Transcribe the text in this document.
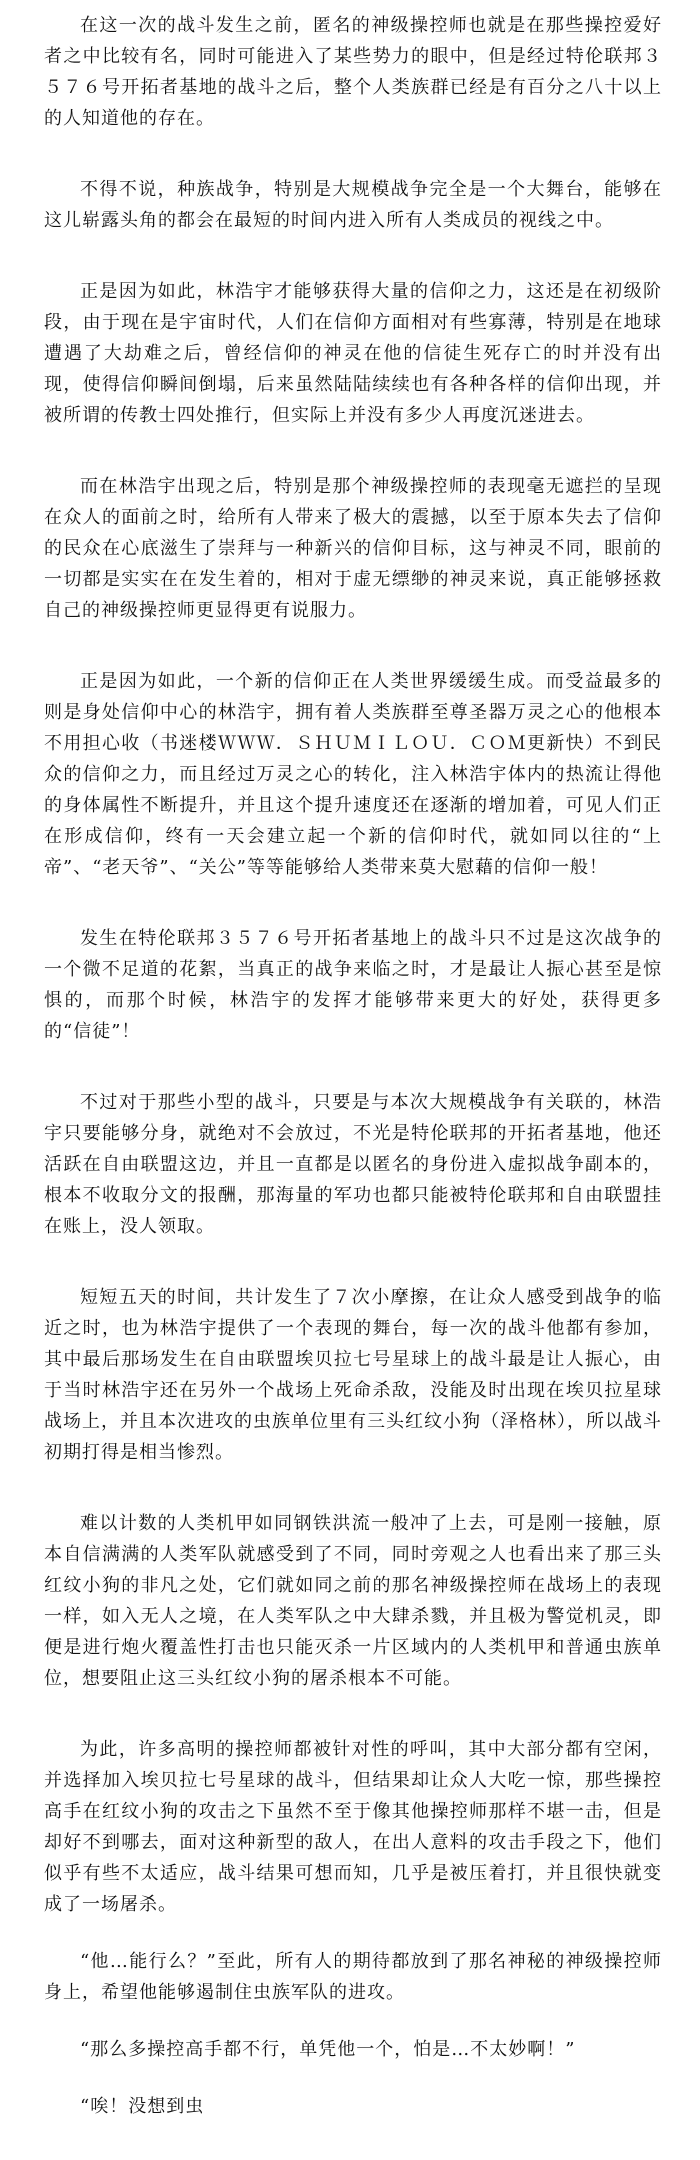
在这一次的战斗发生之前，匿名的神级操控师也就是在那些操控爱好者之中比较有名，同时可能进入了某些势力的眼中，但是经过特伦联邦３５７６号开拓者基地的战斗之后，整个人类族群已经是有百分之八十以上的人知道他的存在。

不得不说，种族战争，特别是大规模战争完全是一个大舞台，能够在这儿崭露头角的都会在最短的时间内进入所有人类成员的视线之中。

正是因为如此，林浩宇才能够获得大量的信仰之力，这还是在初级阶段，由于现在是宇宙时代，人们在信仰方面相对有些寡薄，特别是在地球遭遇了大劫难之后，曾经信仰的神灵在他的信徒生死存亡的时并没有出现，使得信仰瞬间倒塌，后来虽然陆陆续续也有各种各样的信仰出现，并被所谓的传教士四处推行，但实际上并没有多少人再度沉迷进去。

而在林浩宇出现之后，特别是那个神级操控师的表现毫无遮拦的呈现在众人的面前之时，给所有人带来了极大的震撼，以至于原本失去了信仰的民众在心底滋生了崇拜与一种新兴的信仰目标，这与神灵不同，眼前的一切都是实实在在发生着的，相对于虚无缥缈的神灵来说，真正能够拯救自己的神级操控师更显得更有说服力。

正是因为如此，一个新的信仰正在人类世界缓缓生成。而受益最多的则是身处信仰中心的林浩宇，拥有着人类族群至尊圣器万灵之心的他根本不用担心收（书迷楼ＷＷＷ．ＳＨＵＭＩＬＯＵ．ＣＯＭ更新快）不到民众的信仰之力，而且经过万灵之心的转化，注入林浩宇体内的热流让得他的身体属性不断提升，并且这个提升速度还在逐渐的增加着，可见人们正在形成信仰，终有一天会建立起一个新的信仰时代，就如同以往的“上帝”、“老天爷”、“关公”等等能够给人类带来莫大慰藉的信仰一般！

发生在特伦联邦３５７６号开拓者基地上的战斗只不过是这次战争的一个微不足道的花絮，当真正的战争来临之时，才是最让人振心甚至是惊惧的，而那个时候，林浩宇的发挥才能够带来更大的好处，获得更多的“信徒”！

不过对于那些小型的战斗，只要是与本次大规模战争有关联的，林浩宇只要能够分身，就绝对不会放过，不光是特伦联邦的开拓者基地，他还活跃在自由联盟这边，并且一直都是以匿名的身份进入虚拟战争副本的，根本不收取分文的报酬，那海量的军功也都只能被特伦联邦和自由联盟挂在账上，没人领取。

短短五天的时间，共计发生了７次小摩擦，在让众人感受到战争的临近之时，也为林浩宇提供了一个表现的舞台，每一次的战斗他都有参加，其中最后那场发生在自由联盟埃贝拉七号星球上的战斗最是让人振心，由于当时林浩宇还在另外一个战场上死命杀敌，没能及时出现在埃贝拉星球战场上，并且本次进攻的虫族单位里有三头红纹小狗（泽格林），所以战斗初期打得是相当惨烈。

难以计数的人类机甲如同钢铁洪流一般冲了上去，可是刚一接触，原本自信满满的人类军队就感受到了不同，同时旁观之人也看出来了那三头红纹小狗的非凡之处，它们就如同之前的那名神级操控师在战场上的表现一样，如入无人之境，在人类军队之中大肆杀戮，并且极为警觉机灵，即便是进行炮火覆盖性打击也只能灭杀一片区域内的人类机甲和普通虫族单位，想要阻止这三头红纹小狗的屠杀根本不可能。

为此，许多高明的操控师都被针对性的呼叫，其中大部分都有空闲，并选择加入埃贝拉七号星球的战斗，但结果却让众人大吃一惊，那些操控高手在红纹小狗的攻击之下虽然不至于像其他操控师那样不堪一击，但是却好不到哪去，面对这种新型的敌人，在出人意料的攻击手段之下，他们似乎有些不太适应，战斗结果可想而知，几乎是被压着打，并且很快就变成了一场屠杀。

“他…能行么？”至此，所有人的期待都放到了那名神秘的神级操控师身上，希望他能够遏制住虫族军队的进攻。

“那么多操控高手都不行，单凭他一个，怕是…不太妙啊！”

“唉！没想到虫
